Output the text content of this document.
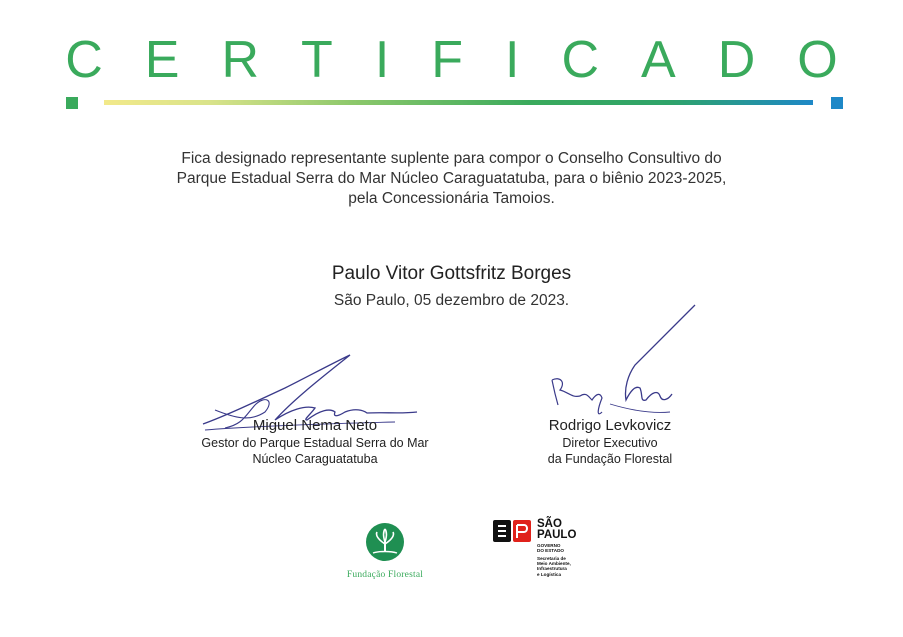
C E R T I F I C A D O
Fica designado representante suplente para compor o Conselho Consultivo do
Parque Estadual Serra do Mar Núcleo Caraguatatuba, para o biênio 2023-2025,
pela Concessionária Tamoios.
Paulo Vitor Gottsfritz Borges
São Paulo, 05 dezembro de 2023.
Miguel Nema Neto
Gestor do Parque Estadual Serra do Mar
Núcleo Caraguatatuba
Rodrigo Levkovicz
Diretor Executivo
da Fundação Florestal
Fundação Florestal
SÃO
PAULO
GOVERNO
DO ESTADO
Secretaria de
Meio Ambiente,
Infraestrutura
e Logística
